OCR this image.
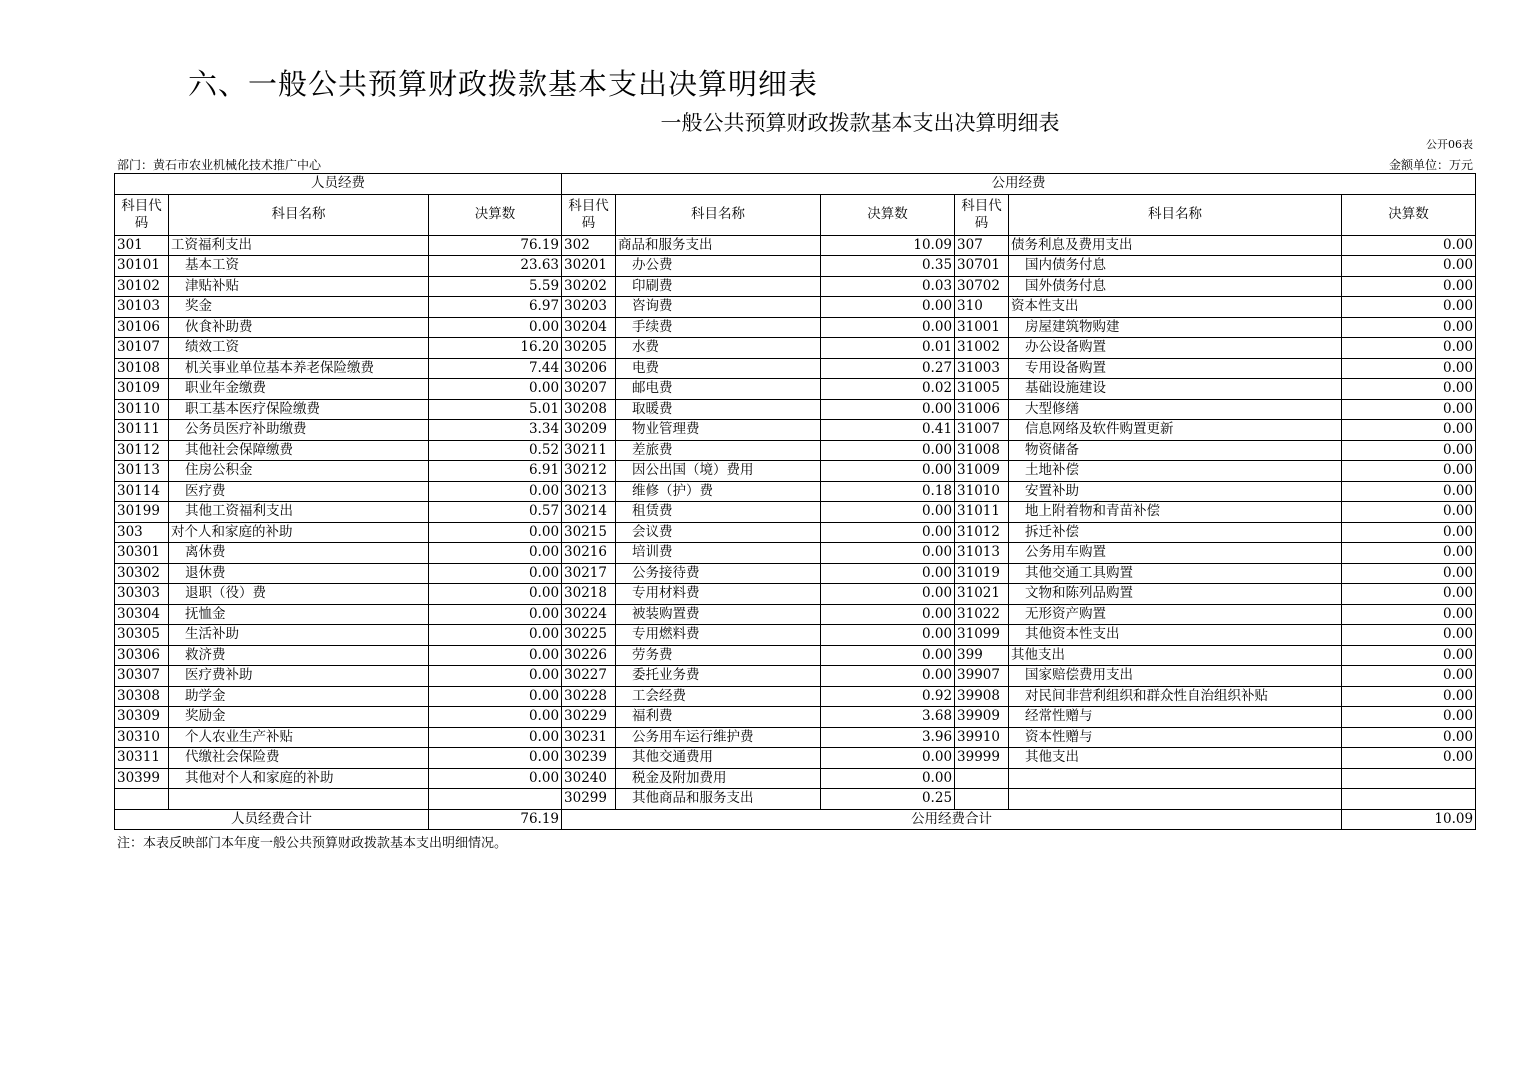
六、一般公共预算财政拨款基本支出决算明细表
一般公共预算财政拨款基本支出决算明细表
公开06表
部门：黄石市农业机械化技术推广中心	金额单位：万元
人员经费			公用经费					
科目代码	科目名称	决算数	科目代码	科目名称	决算数	科目代码	科目名称	决算数
301	工资福利支出	76.19	302	商品和服务支出	10.09	307	债务利息及费用支出	0.00
30101	基本工资	23.63	30201	办公费	0.35	30701	国内债务付息	0.00
30102	津贴补贴	5.59	30202	印刷费	0.03	30702	国外债务付息	0.00
30103	奖金	6.97	30203	咨询费	0.00	310	资本性支出	0.00
30106	伙食补助费	0.00	30204	手续费	0.00	31001	房屋建筑物购建	0.00
30107	绩效工资	16.20	30205	水费	0.01	31002	办公设备购置	0.00
30108	机关事业单位基本养老保险缴费	7.44	30206	电费	0.27	31003	专用设备购置	0.00
30109	职业年金缴费	0.00	30207	邮电费	0.02	31005	基础设施建设	0.00
30110	职工基本医疗保险缴费	5.01	30208	取暖费	0.00	31006	大型修缮	0.00
30111	公务员医疗补助缴费	3.34	30209	物业管理费	0.41	31007	信息网络及软件购置更新	0.00
30112	其他社会保障缴费	0.52	30211	差旅费	0.00	31008	物资储备	0.00
30113	住房公积金	6.91	30212	因公出国（境）费用	0.00	31009	土地补偿	0.00
30114	医疗费	0.00	30213	维修（护）费	0.18	31010	安置补助	0.00
30199	其他工资福利支出	0.57	30214	租赁费	0.00	31011	地上附着物和青苗补偿	0.00
303	对个人和家庭的补助	0.00	30215	会议费	0.00	31012	拆迁补偿	0.00
30301	离休费	0.00	30216	培训费	0.00	31013	公务用车购置	0.00
30302	退休费	0.00	30217	公务接待费	0.00	31019	其他交通工具购置	0.00
30303	退职（役）费	0.00	30218	专用材料费	0.00	31021	文物和陈列品购置	0.00
30304	抚恤金	0.00	30224	被装购置费	0.00	31022	无形资产购置	0.00
30305	生活补助	0.00	30225	专用燃料费	0.00	31099	其他资本性支出	0.00
30306	救济费	0.00	30226	劳务费	0.00	399	其他支出	0.00
30307	医疗费补助	0.00	30227	委托业务费	0.00	39907	国家赔偿费用支出	0.00
30308	助学金	0.00	30228	工会经费	0.92	39908	对民间非营利组织和群众性自治组织补贴	0.00
30309	奖励金	0.00	30229	福利费	3.68	39909	经常性赠与	0.00
30310	个人农业生产补贴	0.00	30231	公务用车运行维护费	3.96	39910	资本性赠与	0.00
30311	代缴社会保险费	0.00	30239	其他交通费用	0.00	39999	其他支出	0.00
30399	其他对个人和家庭的补助	0.00	30240	税金及附加费用	0.00			
			30299	其他商品和服务支出	0.25			
人员经费合计		76.19	公用经费合计					10.09
注：本表反映部门本年度一般公共预算财政拨款基本支出明细情况。
